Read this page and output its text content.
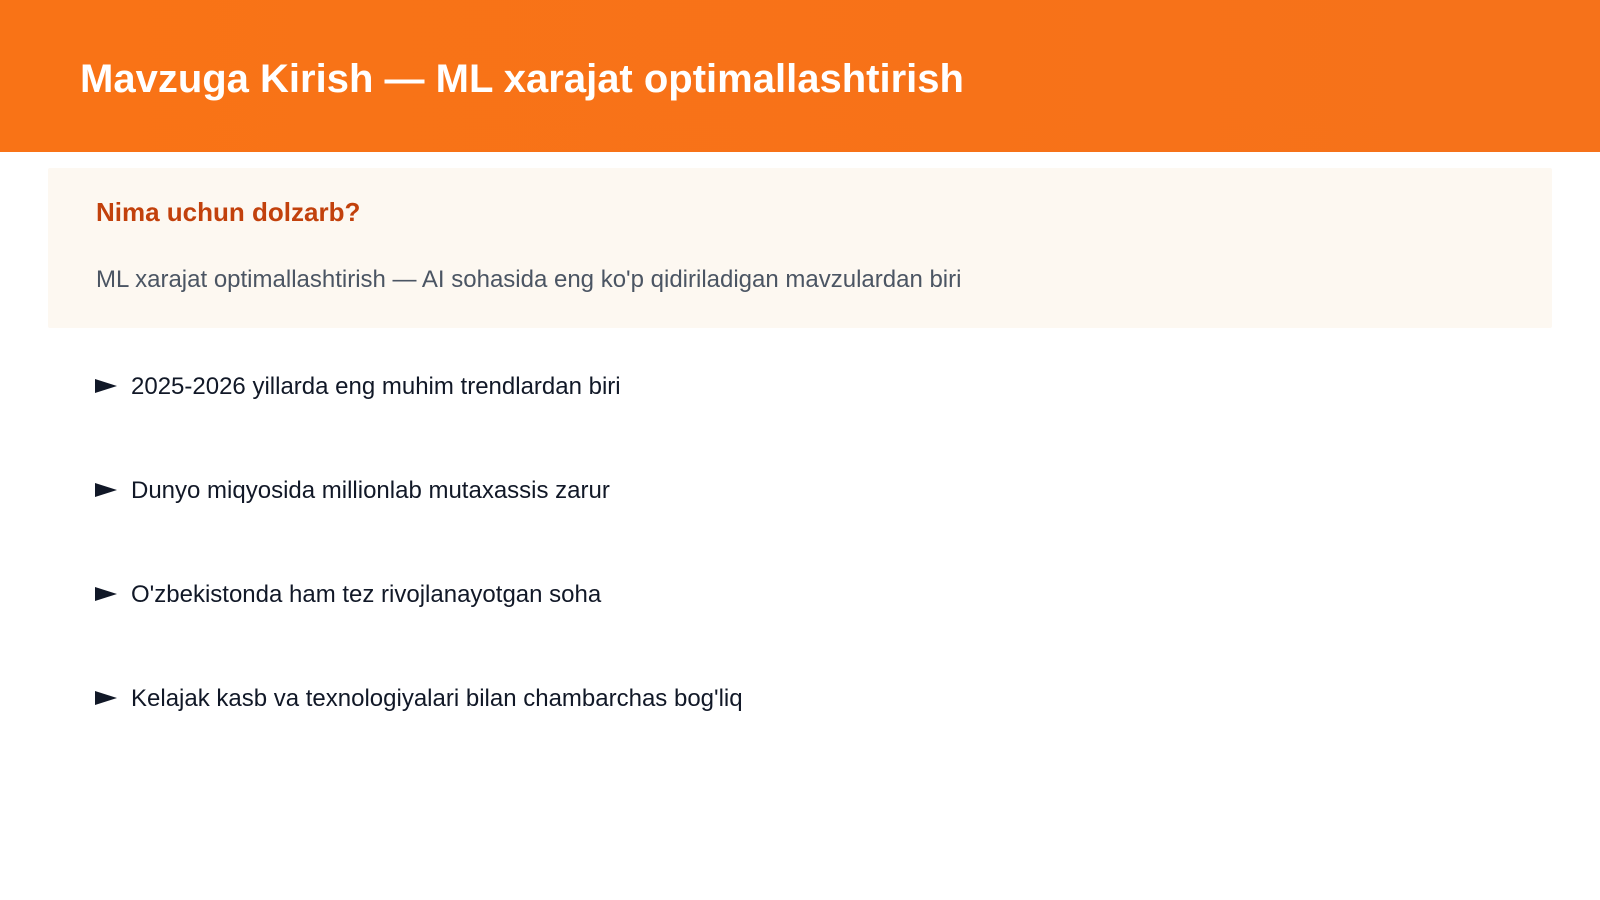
Mavzuga Kirish — ML xarajat optimallashtirish
Nima uchun dolzarb?

ML xarajat optimallashtirish — AI sohasida eng ko'p qidiriladigan mavzulardan biri

2025-2026 yillarda eng muhim trendlardan biri
Dunyo miqyosida millionlab mutaxassis zarur
O'zbekistonda ham tez rivojlanayotgan soha
Kelajak kasb va texnologiyalari bilan chambarchas bog'liq
